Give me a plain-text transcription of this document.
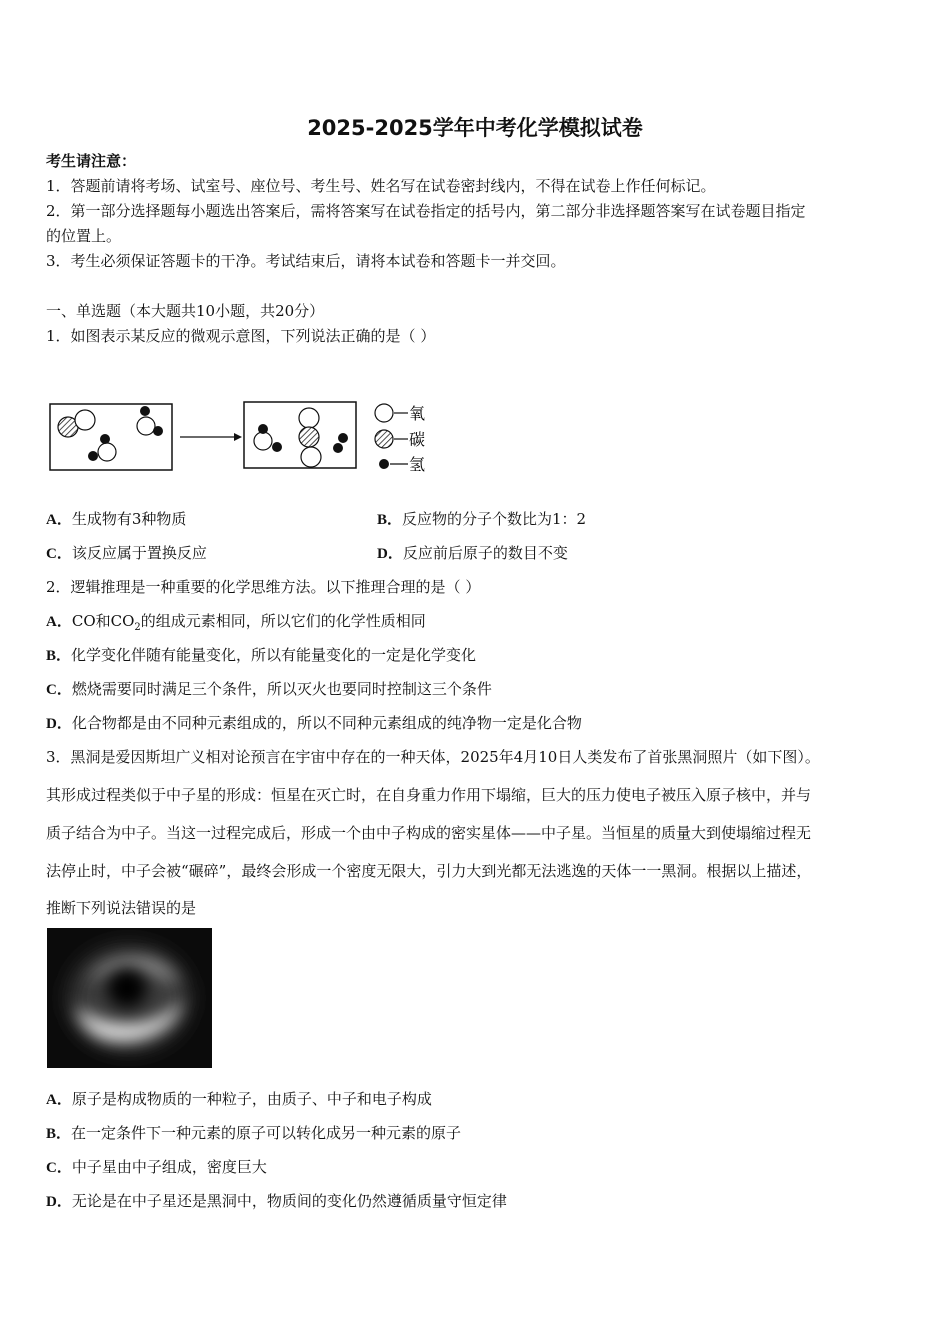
2025-2025学年中考化学模拟试卷
考生请注意：
1．答题前请将考场、试室号、座位号、考生号、姓名写在试卷密封线内，不得在试卷上作任何标记。
2．第一部分选择题每小题选出答案后，需将答案写在试卷指定的括号内，第二部分非选择题答案写在试卷题目指定
的位置上。
3．考生必须保证答题卡的干净。考试结束后，请将本试卷和答题卡一并交回。
一、单选题（本大题共10小题，共20分）
1．如图表示某反应的微观示意图，下列说法正确的是（ ）
氧
碳
氢
A．生成物有3种物质	B．反应物的分子个数比为1：2
C．该反应属于置换反应	D．反应前后原子的数目不变
2．逻辑推理是一种重要的化学思维方法。以下推理合理的是（ ）
A．CO和$CO_2$的组成元素相同，所以它们的化学性质相同
B．化学变化伴随有能量变化，所以有能量变化的一定是化学变化
C．燃烧需要同时满足三个条件，所以灭火也要同时控制这三个条件
D．化合物都是由不同种元素组成的，所以不同种元素组成的纯净物一定是化合物
3．黑洞是爱因斯坦广义相对论预言在宇宙中存在的一种天体，2025年4月10日人类发布了首张黑洞照片（如下图）。
其形成过程类似于中子星的形成：恒星在灭亡时，在自身重力作用下塌缩，巨大的压力使电子被压入原子核中，并与
质子结合为中子。当这一过程完成后，形成一个由中子构成的密实星体——中子星。当恒星的质量大到使塌缩过程无
法停止时，中子会被“碾碎”，最终会形成一个密度无限大，引力大到光都无法逃逸的天体一一黑洞。根据以上描述，
推断下列说法错误的是
A．原子是构成物质的一种粒子，由质子、中子和电子构成
B．在一定条件下一种元素的原子可以转化成另一种元素的原子
C．中子星由中子组成，密度巨大
D．无论是在中子星还是黑洞中，物质间的变化仍然遵循质量守恒定律
